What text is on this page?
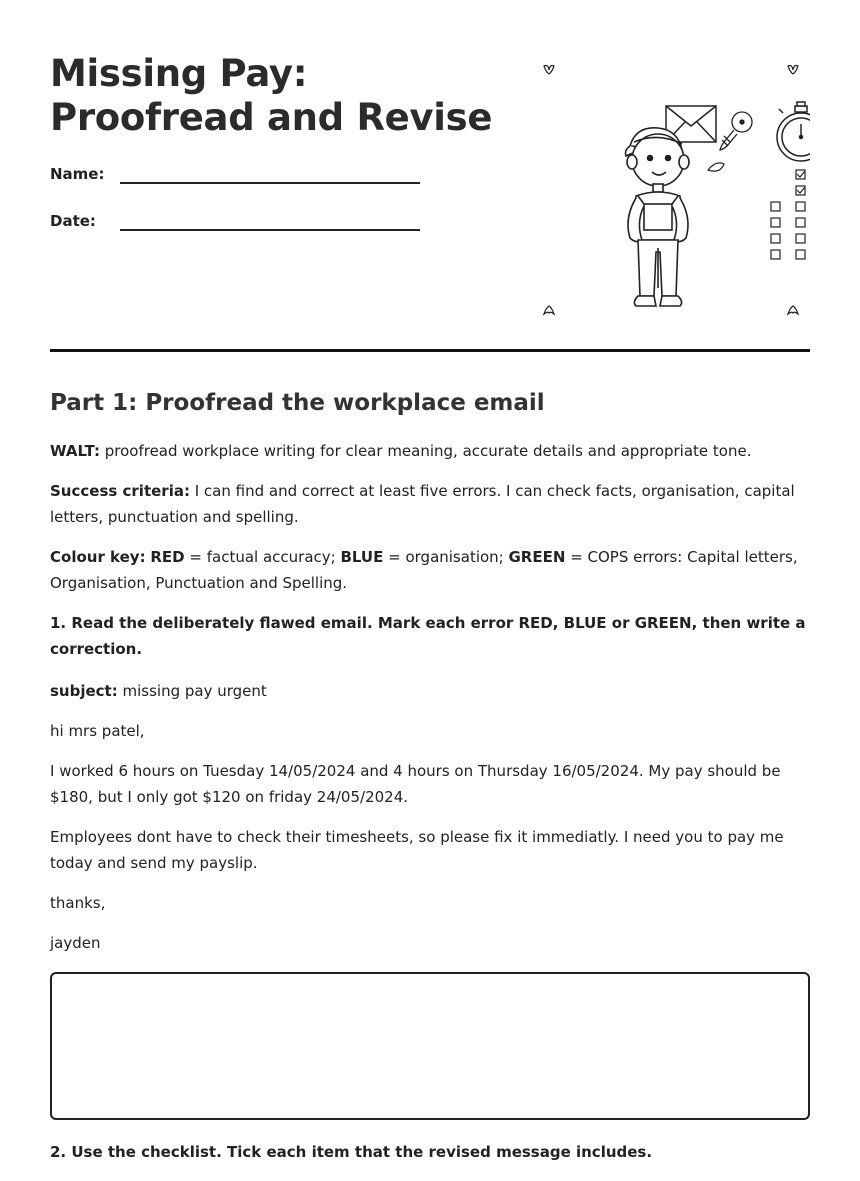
Missing Pay: Proofread and Revise
Name:
Date:
Part 1: Proofread the workplace email

WALT: proofread workplace writing for clear meaning, accurate details and appropriate tone.

Success criteria: I can find and correct at least five errors. I can check facts, organisation, capital letters, punctuation and spelling.

Colour key: RED = factual accuracy; BLUE = organisation; GREEN = COPS errors: Capital letters, Organisation, Punctuation and Spelling.

1. Read the deliberately flawed email. Mark each error RED, BLUE or GREEN, then write a correction.

subject: missing pay urgent

hi mrs patel,

I worked 6 hours on Tuesday 14/05/2024 and 4 hours on Thursday 16/05/2024. My pay should be $180, but I only got $120 on friday 24/05/2024.

Employees dont have to check their timesheets, so please fix it immediatly. I need you to pay me today and send my payslip.

thanks,

jayden

2. Use the checklist. Tick each item that the revised message includes.
